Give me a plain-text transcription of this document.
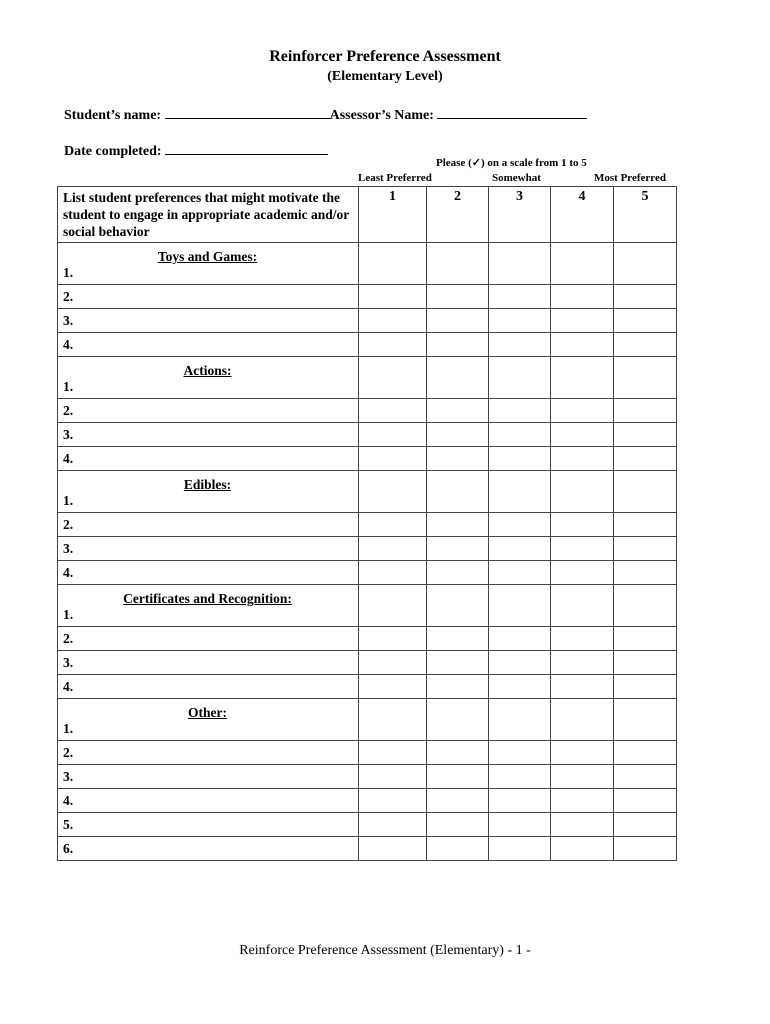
Reinforcer Preference Assessment
(Elementary Level)
Student’s name:	Assessor’s Name:
Date completed:
Please (✓) on a scale from 1 to 5
Least Preferred	Somewhat	Most Preferred
List student preferences that might motivate the student to engage in appropriate academic and/or social behavior	1	2	3	4	5

Toys and Games:
1.					

2.					

3.					

4.					

Actions:
1.					

2.					

3.					

4.					

Edibles:
1.					

2.					

3.					

4.					

Certificates and Recognition:
1.					

2.					

3.					

4.					

Other:
1.					

2.					

3.					

4.					

5.					

6.					

Reinforce Preference Assessment (Elementary) - 1 -
